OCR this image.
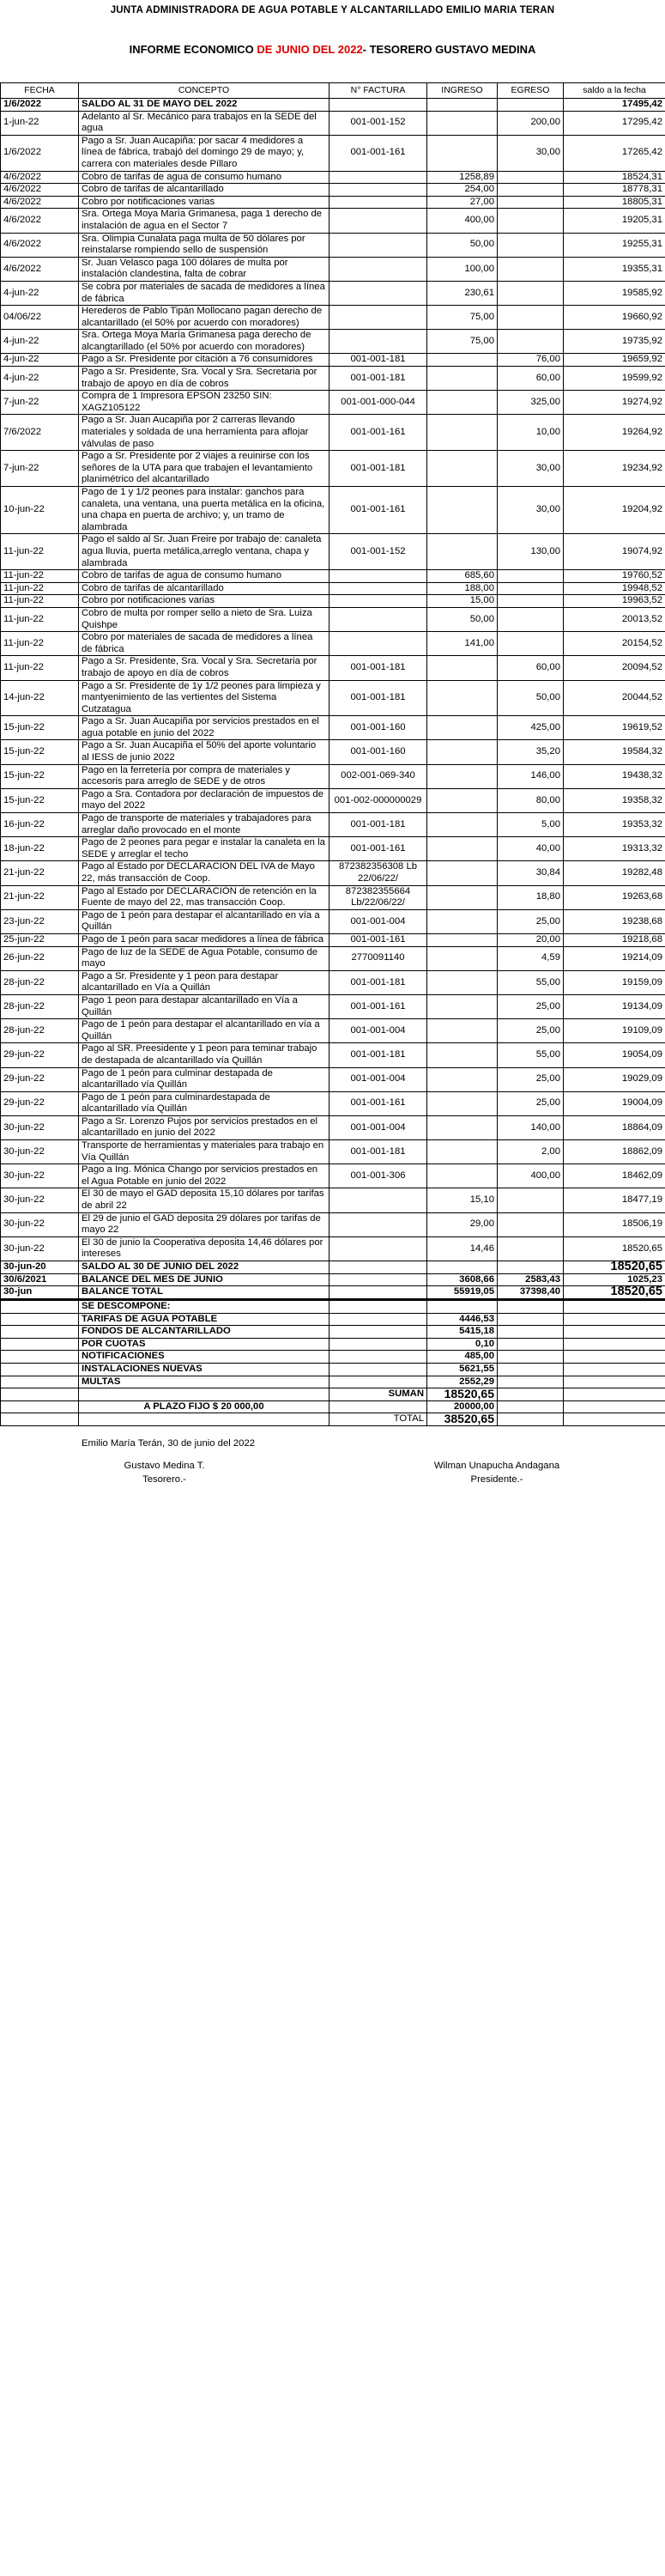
JUNTA ADMINISTRADORA DE AGUA POTABLE Y ALCANTARILLADO EMILIO MARIA TERAN
INFORME ECONOMICO DE JUNIO DEL 2022- TESORERO GUSTAVO MEDINA
FECHA	CONCEPTO	N° FACTURA	INGRESO	EGRESO	saldo a la fecha
1/6/2022	SALDO AL 31 DE MAYO DEL 2022				17495,42
1-jun-22	Adelanto al Sr. Mecánico para trabajos en la SEDE del agua	001-001-152		200,00	17295,42
1/6/2022	Pago a Sr. Juan Aucapiña: por sacar 4 medidores a línea de fábrica, trabajó del domingo 29 de mayo; y, carrera con materiales desde Píllaro	001-001-161		30,00	17265,42
4/6/2022	Cobro de tarifas de agua de consumo humano		1258,89		18524,31
4/6/2022	Cobro de tarifas de alcantarillado		254,00		18778,31
4/6/2022	Cobro por notificaciones varias		27,00		18805,31
4/6/2022	Sra. Ortega Moya María Grimanesa, paga 1 derecho de instalación de agua en el Sector 7		400,00		19205,31
4/6/2022	Sra. Olimpia Cunalata paga multa de 50 dólares por reinstalarse rompiendo sello de suspensión		50,00		19255,31
4/6/2022	Sr. Juan Velasco paga 100 dólares de multa por instalación clandestina, falta de cobrar		100,00		19355,31
4-jun-22	Se cobra por materiales de sacada de medidores a línea de fábrica		230,61		19585,92
04/06/22	Herederos de Pablo Tipán Mollocano pagan derecho de alcantarillado (el 50% por acuerdo con moradores)		75,00		19660,92
4-jun-22	Sra. Ortega Moya María Grimanesa paga derecho de alcangtarillado (el 50% por acuerdo con moradores)		75,00		19735,92
4-jun-22	Pago a Sr. Presidente por citación a 76 consumidores	001-001-181		76,00	19659,92
4-jun-22	Pago a Sr. Presidente, Sra. Vocal y Sra. Secretaria por trabajo de apoyo en día de cobros	001-001-181		60,00	19599,92
7-jun-22	Compra de 1 Impresora EPSON 23250 SIN: XAGZ105122	001-001-000-044		325,00	19274,92
7/6/2022	Pago a Sr. Juan Aucapiña por 2 carreras llevando materiales y soldada de una herramienta para aflojar válvulas de paso	001-001-161		10,00	19264,92
7-jun-22	Pago a Sr. Presidente por 2 viajes a reuinirse con los señores de la UTA para que trabajen el levantamiento planimétrico del alcantarillado	001-001-181		30,00	19234,92
10-jun-22	Pago de 1 y 1/2 peones para instalar: ganchos para canaleta, una ventana, una puerta metálica en la oficina, una chapa en puerta de archivo; y, un tramo de alambrada	001-001-161		30,00	19204,92
11-jun-22	Pago el saldo al Sr. Juan Freire por trabajo de: canaleta agua lluvia, puerta metálica,arreglo ventana, chapa y alambrada	001-001-152		130,00	19074,92
11-jun-22	Cobro de tarifas de agua de consumo humano		685,60		19760,52
11-jun-22	Cobro de tarifas de alcantarillado		188,00		19948,52
11-jun-22	Cobro por notificaciones varias		15,00		19963,52
11-jun-22	Cobro de multa por romper sello a nieto de Sra. Luiza Quishpe		50,00		20013,52
11-jun-22	Cobro por materiales de sacada de medidores a línea de fábrica		141,00		20154,52
11-jun-22	Pago a Sr. Presidente, Sra. Vocal y Sra. Secretaria por trabajo de apoyo en día de cobros	001-001-181		60,00	20094,52
14-jun-22	Pago a Sr. Presidente de 1y 1/2 peones para limpieza y mantyenimiento de las vertientes del Sistema Cutzatagua	001-001-181		50,00	20044,52
15-jun-22	Pago a Sr. Juan Aucapiña por servicios prestados en el agua potable en junio del 2022	001-001-160		425,00	19619,52
15-jun-22	Pago a Sr. Juan Aucapiña el 50% del aporte voluntario al IESS de junio 2022	001-001-160		35,20	19584,32
15-jun-22	Pago en la ferretería por compra de materiales y accesoris para arreglo de SEDE y de otros	002-001-069-340		146,00	19438,32
15-jun-22	Pago a Sra. Contadora por declaración de impuestos de mayo del 2022	001-002-000000029		80,00	19358,32
16-jun-22	Pago de transporte de materiales y trabajadores para arreglar daño provocado en el monte	001-001-181		5,00	19353,32
18-jun-22	Pago de 2 peones para pegar e instalar la canaleta en la SEDE y arreglar el techo	001-001-161		40,00	19313,32
21-jun-22	Pago al Estado por DECLARACION DEL IVA de Mayo 22, más transacción de Coop.	872382356308 Lb 22/06/22/		30,84	19282,48
21-jun-22	Pago al Estado por DECLARACIÓN de retención en la Fuente de mayo del 22, mas transacción Coop.	872382355664 Lb/22/06/22/		18,80	19263,68
23-jun-22	Pago de 1 peón para destapar el alcantarillado en vía a Quillán	001-001-004		25,00	19238,68
25-jun-22	Pago de 1 peón para sacar medidores a línea de fábrica	001-001-161		20,00	19218,68
26-jun-22	Pago de luz de la SEDE de Agua Potable, consumo de mayo	2770091140		4,59	19214,09
28-jun-22	Pago a Sr. Presidente y 1 peon para destapar alcantarillado en Vía a Quillán	001-001-181		55,00	19159,09
28-jun-22	Pago 1 peon para destapar alcantarillado en Vía a Quillán	001-001-161		25,00	19134,09
28-jun-22	Pago de 1 peón para destapar el alcantarillado en vía a Quillán	001-001-004		25,00	19109,09
29-jun-22	Pago al SR. Preesidente y 1 peon para teminar trabajo de destapada de alcantarillado vía Quillán	001-001-181		55,00	19054,09
29-jun-22	Pago de 1 peón para culminar destapada de alcantarillado vía Quillán	001-001-004		25,00	19029,09
29-jun-22	Pago de 1 peón para culminardestapada de alcantarillado vía Quillán	001-001-161		25,00	19004,09
30-jun-22	Pago a Sr. Lorenzo Pujos por servicios prestados en el alcantarillado en junio del 2022	001-001-004		140,00	18864,09
30-jun-22	Transporte de herramientas y materiales para trabajo en Vía Quillán	001-001-181		2,00	18862,09
30-jun-22	Pago a Ing. Mónica Chango por servicios prestados en el Agua Potable en junio del 2022	001-001-306		400,00	18462,09
30-jun-22	El 30 de mayo el GAD deposita 15,10 dólares por tarifas de abril 22		15,10		18477,19
30-jun-22	El 29 de junio el GAD deposita 29 dólares por tarifas de mayo 22		29,00		18506,19
30-jun-22	El 30 de junio la Cooperativa deposita 14,46 dólares por intereses		14,46		18520,65
30-jun-20	SALDO AL 30 DE JUNIO DEL 2022				18520,65
30/6/2021	BALANCE DEL MES DE JUNIO		3608,66	2583,43	1025,23
30-jun	BALANCE TOTAL		55919,05	37398,40	18520,65

	SE DESCOMPONE:				
	TARIFAS DE AGUA POTABLE		4446,53		
	FONDOS DE ALCANTARILLADO		5415,18		
	POR CUOTAS		0,10		
	NOTIFICACIONES		485,00		
	INSTALACIONES NUEVAS		5621,55		
	MULTAS		2552,29		
		SUMAN	18520,65		
	A PLAZO FIJO $ 20 000,00		20000,00		
		TOTAL	38520,65		
Emilio María Terán, 30 de junio del 2022
Gustavo Medina T.
Tesorero.-
Wilman Unapucha Andagana
Presidente.-
